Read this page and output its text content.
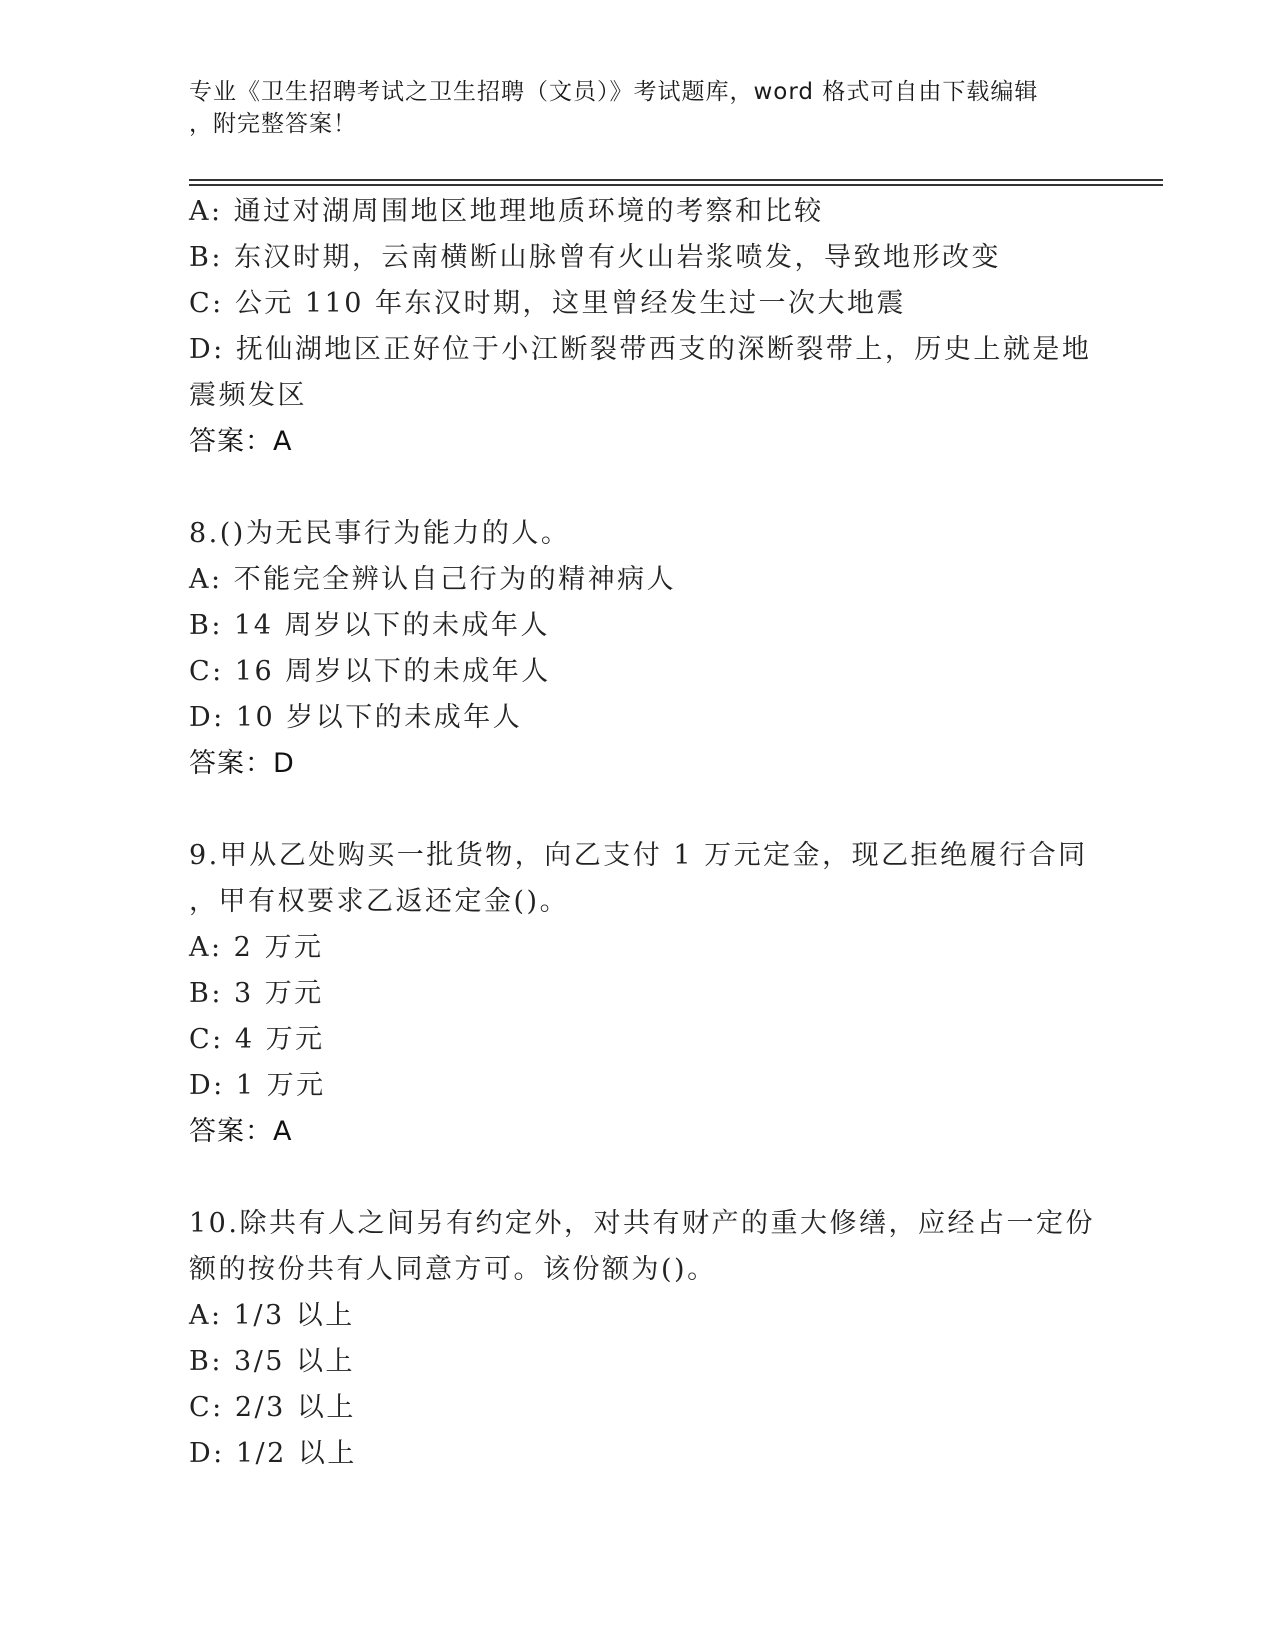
专业《卫生招聘考试之卫生招聘（文员）》考试题库，word 格式可自由下载编辑
，附完整答案！
A: 通过对湖周围地区地理地质环境的考察和比较
B: 东汉时期，云南横断山脉曾有火山岩浆喷发，导致地形改变
C: 公元 110 年东汉时期，这里曾经发生过一次大地震
D: 抚仙湖地区正好位于小江断裂带西支的深断裂带上，历史上就是地
震频发区
答案：A
8.()为无民事行为能力的人。
A: 不能完全辨认自己行为的精神病人
B: 14 周岁以下的未成年人
C: 16 周岁以下的未成年人
D: 10 岁以下的未成年人
答案：D
9.甲从乙处购买一批货物，向乙支付 1 万元定金，现乙拒绝履行合同
，甲有权要求乙返还定金()。
A: 2 万元
B: 3 万元
C: 4 万元
D: 1 万元
答案：A
10.除共有人之间另有约定外，对共有财产的重大修缮，应经占一定份
额的按份共有人同意方可。该份额为()。
A: 1/3 以上
B: 3/5 以上
C: 2/3 以上
D: 1/2 以上
